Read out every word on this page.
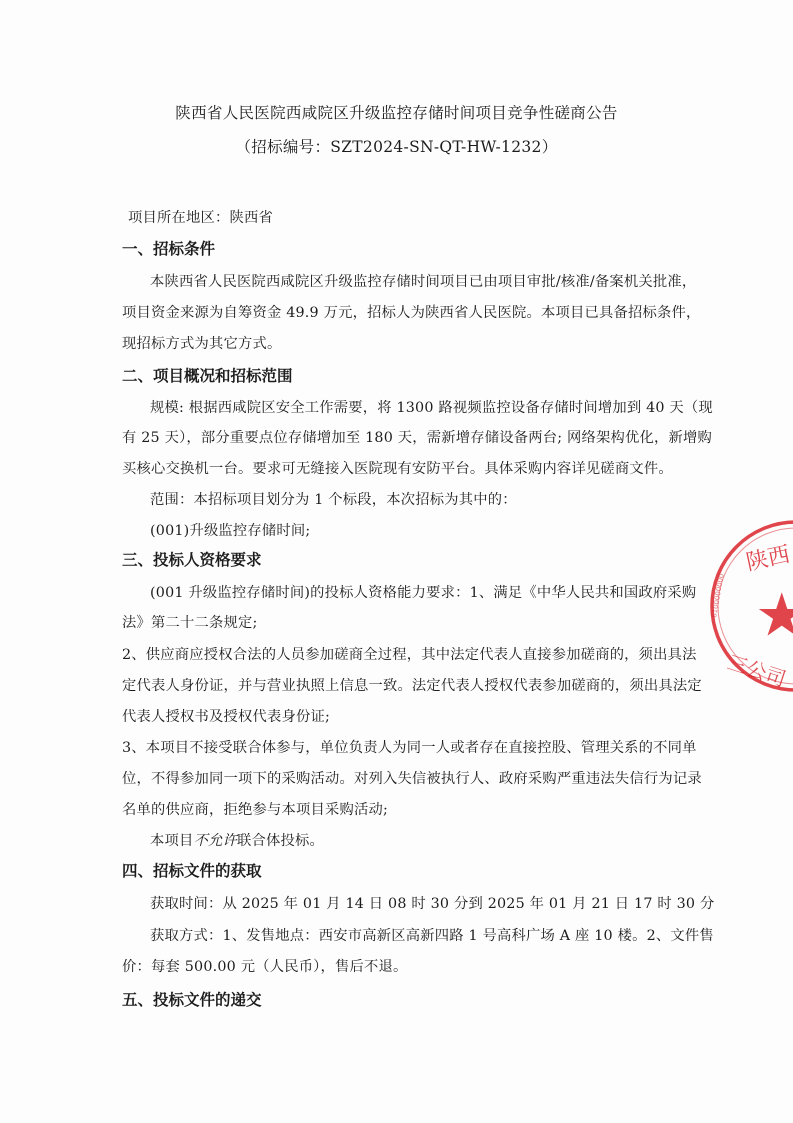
陕西省人民医院西咸院区升级监控存储时间项目竞争性磋商公告
（招标编号：SZT2024-SN-QT-HW-1232）
项目所在地区：陕西省
一、招标条件
本陕西省人民医院西咸院区升级监控存储时间项目已由项目审批/核准/备案机关批准，
项目资金来源为自筹资金 49.9 万元，招标人为陕西省人民医院。本项目已具备招标条件，
现招标方式为其它方式。
二、项目概况和招标范围
规模: 根据西咸院区安全工作需要，将 1300 路视频监控设备存储时间增加到 40 天（现
有 25 天），部分重要点位存储增加至 180 天，需新增存储设备两台; 网络架构优化，新增购
买核心交换机一台。要求可无缝接入医院现有安防平台。具体采购内容详见磋商文件。
范围：本招标项目划分为 1 个标段，本次招标为其中的：
(001)升级监控存储时间;
三、投标人资格要求
(001 升级监控存储时间)的投标人资格能力要求：1、满足《中华人民共和国政府采购
法》第二十二条规定;
2、供应商应授权合法的人员参加磋商全过程，其中法定代表人直接参加磋商的，须出具法
定代表人身份证，并与营业执照上信息一致。法定代表人授权代表参加磋商的，须出具法定
代表人授权书及授权代表身份证;
3、本项目不接受联合体参与，单位负责人为同一人或者存在直接控股、管理关系的不同单
位，不得参加同一项下的采购活动。对列入失信被执行人、政府采购严重违法失信行为记录
名单的供应商，拒绝参与本项目采购活动;
本项目不允许联合体投标。
四、招标文件的获取
获取时间：从 2025 年 01 月 14 日 08 时 30 分到 2025 年 01 月 21 日 17 时 30 分
获取方式：1、发售地点：西安市高新区高新四路 1 号高科广场 A 座 10 楼。2、文件售
价：每套 500.00 元（人民币），售后不退。
五、投标文件的递交
陕西
三公司
6100000000
